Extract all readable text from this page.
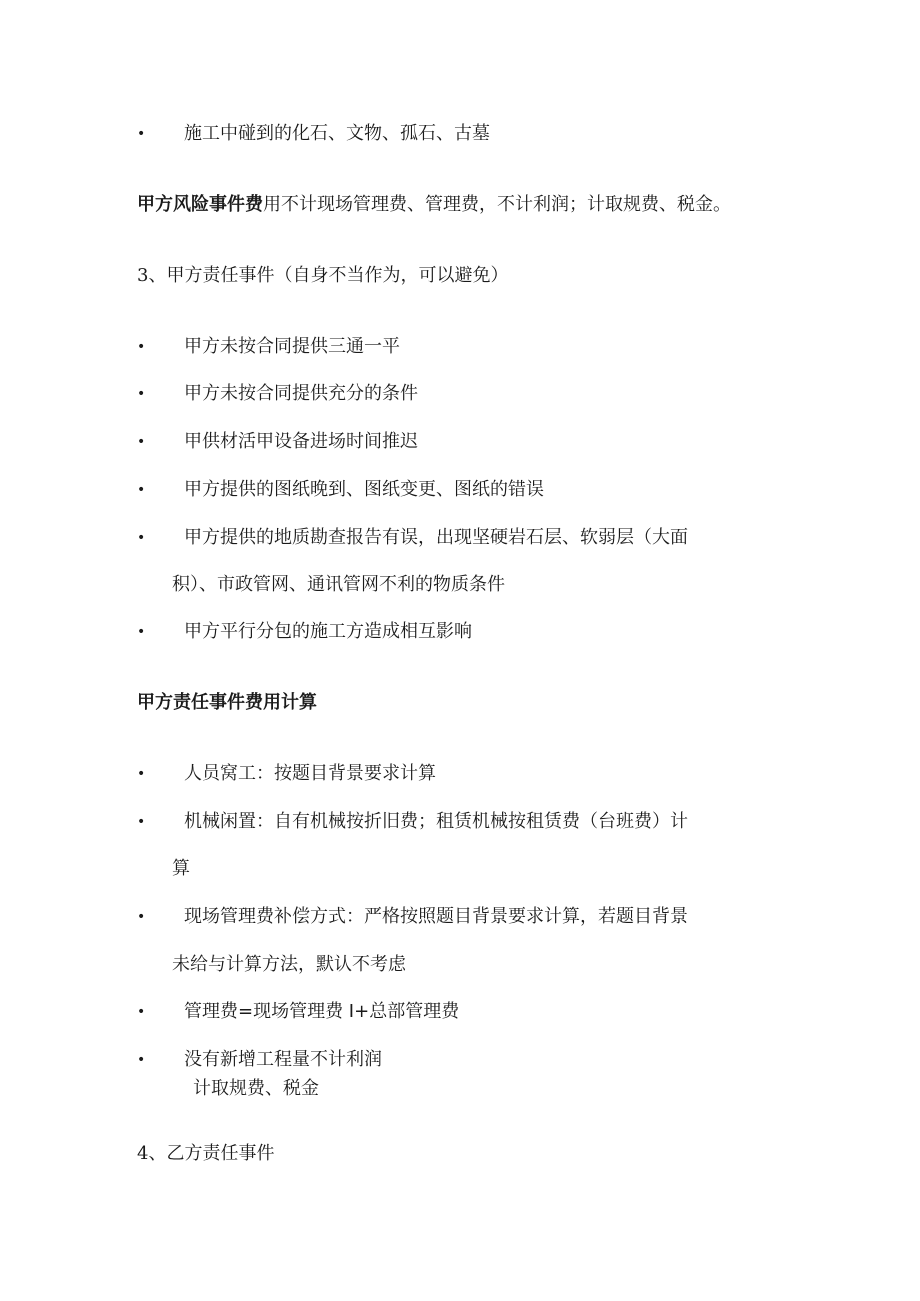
• 施工中碰到的化石、文物、孤石、古墓
甲方风险事件费用不计现场管理费、管理费，不计利润；计取规费、税金。
3、甲方责任事件（自身不当作为，可以避免）
• 甲方未按合同提供三通一平
• 甲方未按合同提供充分的条件
• 甲供材活甲设备进场时间推迟
• 甲方提供的图纸晚到、图纸变更、图纸的错误
• 甲方提供的地质勘查报告有误，出现坚硬岩石层、软弱层（大面
积）、市政管网、通讯管网不利的物质条件
• 甲方平行分包的施工方造成相互影响
甲方责任事件费用计算
• 人员窝工：按题目背景要求计算
• 机械闲置：自有机械按折旧费；租赁机械按租赁费（台班费）计
算
• 现场管理费补偿方式：严格按照题目背景要求计算，若题目背景
未给与计算方法，默认不考虑
• 管理费=现场管理费 I+总部管理费
• 没有新增工程量不计利润
计取规费、税金
4、乙方责任事件
